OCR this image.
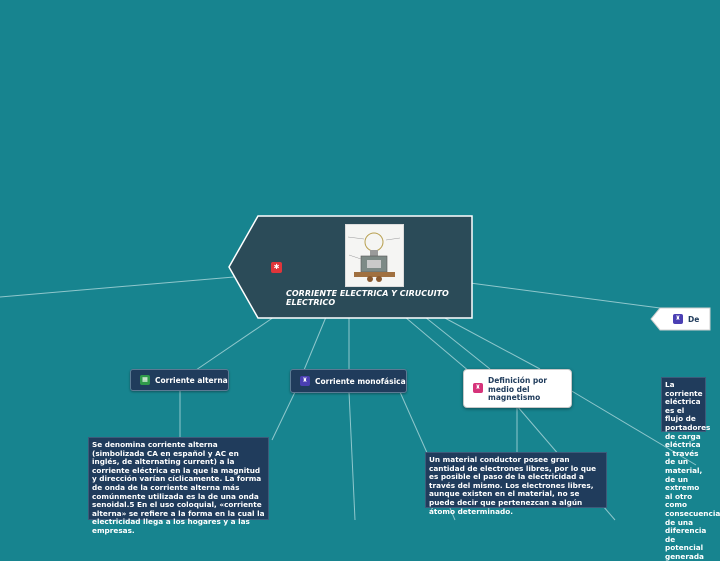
✱
CORRIENTE ELECTRICA Y CIRUCUITO ELECTRICO
▦ Corriente alterna	♜ Corriente monofásica
♜
Definición por medio del magnetismo
♜ De
Se denomina corriente alterna (simbolizada CA en español y AC en inglés, de alternating current) a la corriente eléctrica en la que la magnitud y dirección varían cíclicamente. La forma de onda de la corriente alterna más comúnmente utilizada es la de una onda senoidal.5 En el uso coloquial, «corriente alterna» se refiere a la forma en la cual la electricidad llega a los hogares y a las empresas.
Un material conductor posee gran cantidad de electrones libres, por lo que es posible el paso de la electricidad a través del mismo. Los electrones libres, aunque existen en el material, no se puede decir que pertenezcan a algún átomo determinado.
La corriente eléctrica es el flujo de portadores de carga eléctrica a través de un material, de un extremo al otro como consecuencia de una diferencia de potencial generada
